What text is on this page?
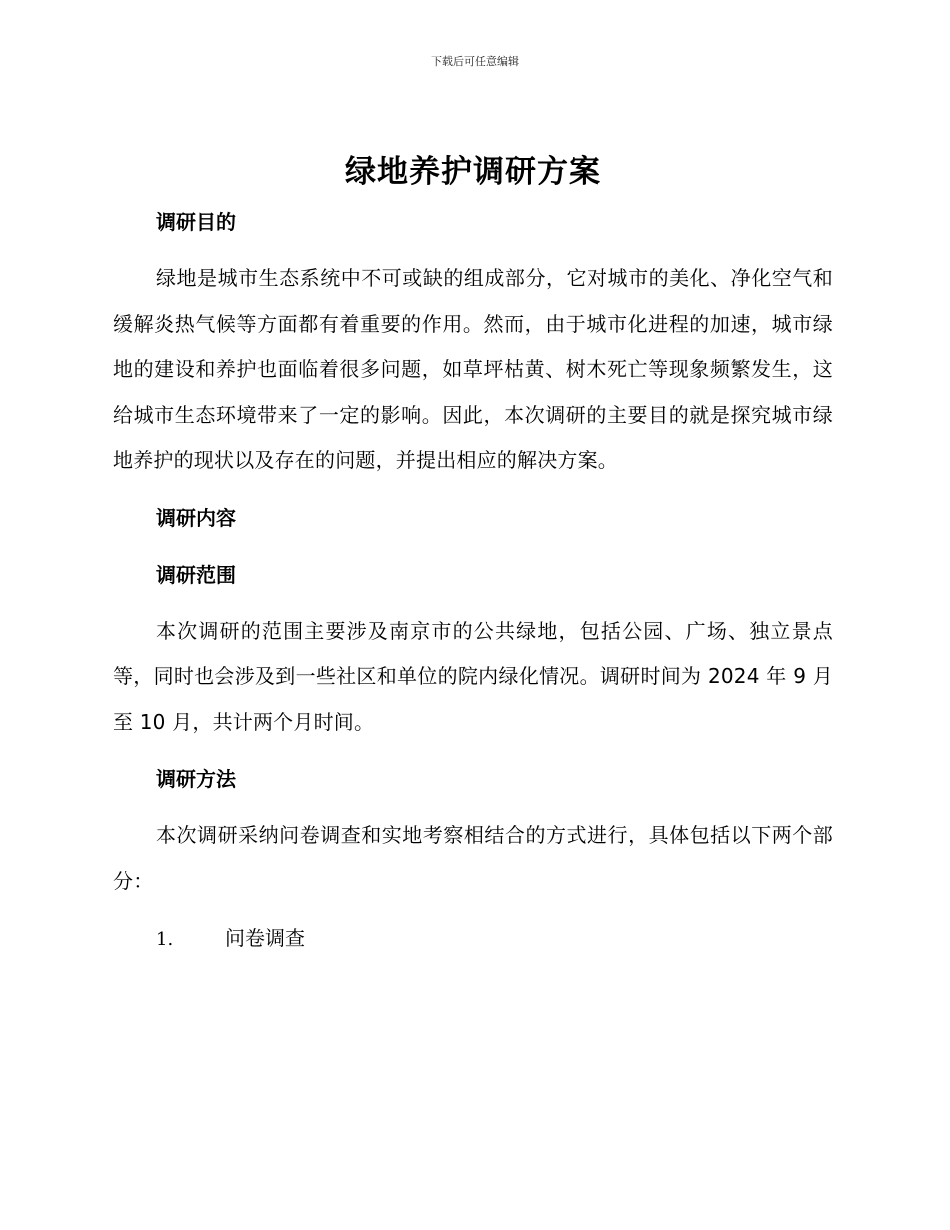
下载后可任意编辑
绿地养护调研方案
调研目的

绿地是城市生态系统中不可或缺的组成部分，它对城市的美化、净化空气和缓解炎热气候等方面都有着重要的作用。然而，由于城市化进程的加速，城市绿地的建设和养护也面临着很多问题，如草坪枯黄、树木死亡等现象频繁发生，这给城市生态环境带来了一定的影响。因此，本次调研的主要目的就是探究城市绿地养护的现状以及存在的问题，并提出相应的解决方案。

调研内容
调研范围

本次调研的范围主要涉及南京市的公共绿地，包括公园、广场、独立景点等，同时也会涉及到一些社区和单位的院内绿化情况。调研时间为 2024 年 9 月至 10 月，共计两个月时间。

调研方法

本次调研采纳问卷调查和实地考察相结合的方式进行，具体包括以下两个部分：

1.	问卷调查
